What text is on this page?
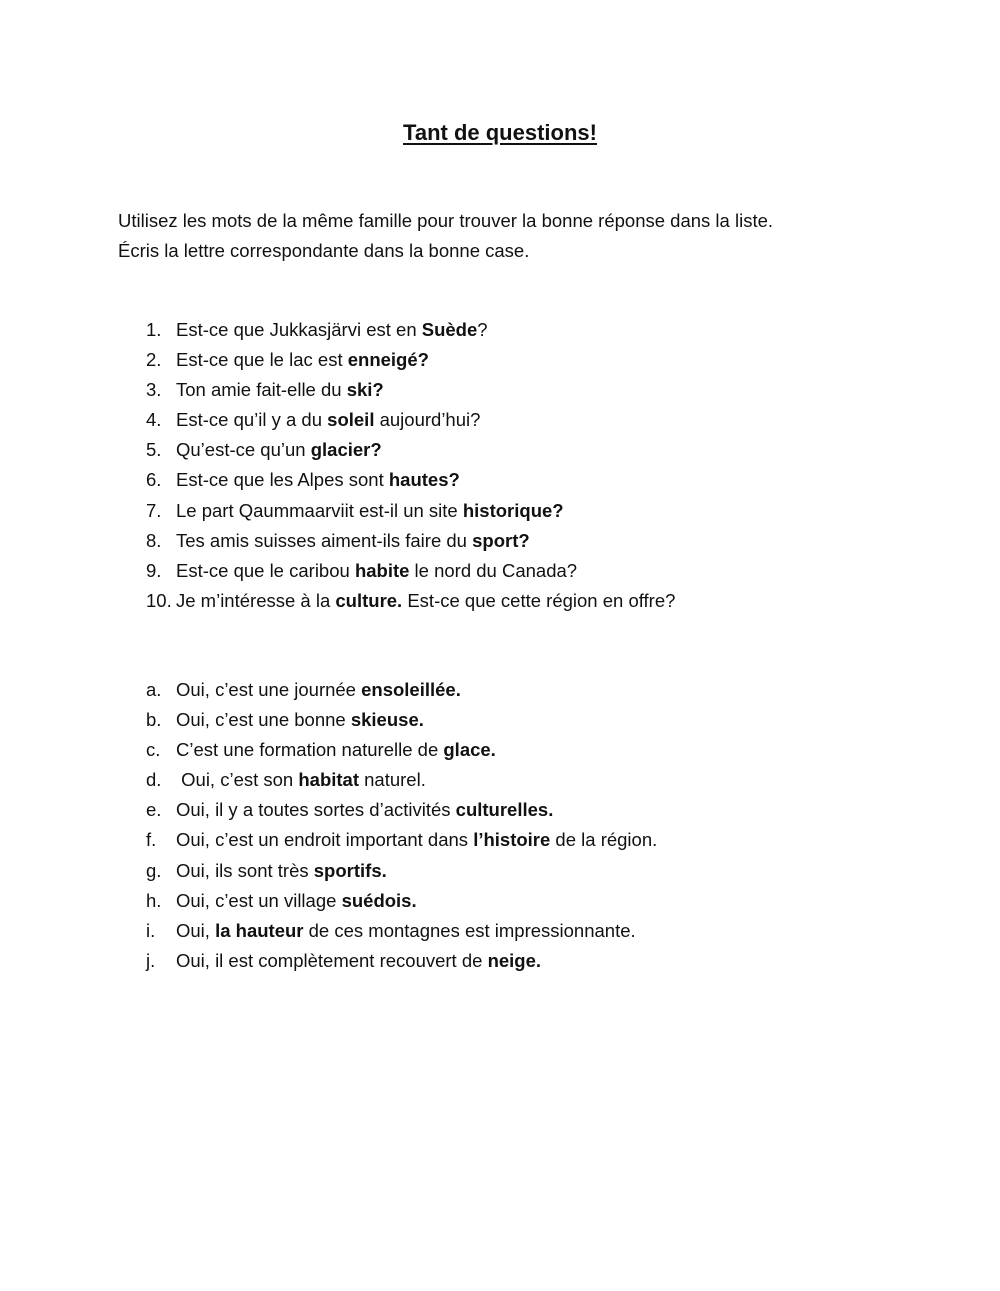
Tant de questions!
Utilisez les mots de la même famille pour trouver la bonne réponse dans la liste.
Écris la lettre correspondante dans la bonne case.
1. Est-ce que Jukkasjärvi est en Suède?
2. Est-ce que le lac est enneigé?
3. Ton amie fait-elle du ski?
4. Est-ce qu’il y a du soleil aujourd’hui?
5. Qu’est-ce qu’un glacier?
6. Est-ce que les Alpes sont hautes?
7. Le part Qaummaarviit est-il un site historique?
8. Tes amis suisses aiment-ils faire du sport?
9. Est-ce que le caribou habite le nord du Canada?
10. Je m’intéresse à la culture. Est-ce que cette région en offre?
a. Oui, c’est une journée ensoleillée.
b. Oui, c’est une bonne skieuse.
c. C’est une formation naturelle de glace.
d. Oui, c’est son habitat naturel.
e. Oui, il y a toutes sortes d’activités culturelles.
f. Oui, c’est un endroit important dans l’histoire de la région.
g. Oui, ils sont très sportifs.
h. Oui, c’est un village suédois.
i. Oui, la hauteur de ces montagnes est impressionnante.
j. Oui, il est complètement recouvert de neige.
